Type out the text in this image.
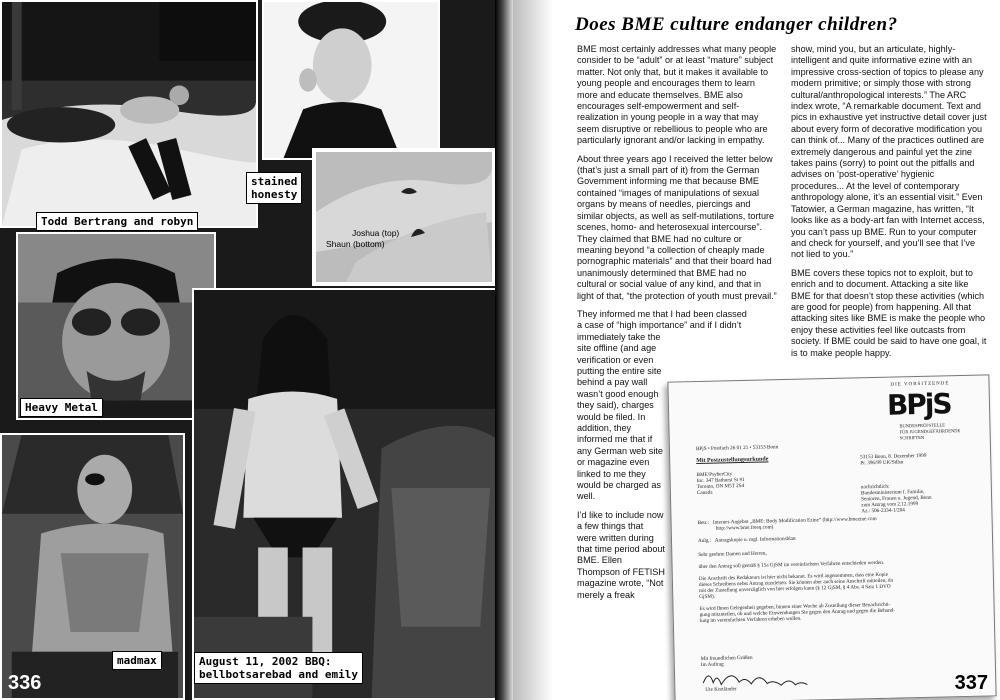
Joshua (top)
Shaun (bottom)
Todd Bertrang and robyn
stained
honesty
Heavy Metal
madmax	August 11, 2002 BBQ:
bellbotsarebad and emily
336
Does BME culture endanger children?

BME most certainly addresses what many people consider to be “adult” or at least “mature” subject matter. Not only that, but it makes it available to young people and encourages them to learn more and educate themselves. BME also encourages self-empowerment and self-realization in young people in a way that may seem disruptive or rebellious to people who are particularly ignorant and/or lacking in empathy.

About three years ago I received the letter below (that’s just a small part of it) from the German Government informing me that because BME contained “images of manipulations of sexual organs by means of needles, piercings and similar objects, as well as self-mutilations, torture scenes, homo- and heterosexual intercourse”. They claimed that BME had no culture or meaning beyond “a collection of cheaply made pornographic materials” and that their board had unanimously determined that BME had no cultural or social value of any kind, and that in light of that, “the protection of youth must prevail.”

They informed me that I had been classed a case of “high importance” and if I didn’t

immediately take the site offline (and age verification or even putting the entire site behind a pay wall wasn’t good enough they said), charges would be filed. In addition, they informed me that if any German web site or magazine even linked to me they would be charged as well.

I’d like to include now a few things that were written during that time period about BME. Ellen Thompson of FETISH magazine wrote, “Not merely a freak

show, mind you, but an articulate, highly-intelligent and quite informative ezine with an impressive cross-section of topics to please any modern primitive; or simply those with strong cultural/anthropological interests.” The ARC index wrote, “A remarkable document. Text and pics in exhaustive yet instructive detail cover just about every form of decorative modification you can think of... Many of the practices outlined are extremely dangerous and painful yet the zine takes pains (sorry) to point out the pitfalls and advises on ‘post-operative’ hygienic procedures... At the level of contemporary anthropology alone, it’s an essential visit.” Even Tatowier, a German magazine, has written, “It looks like as a body-art fan with Internet access, you can’t pass up BME. Run to your computer and check for yourself, and you’ll see that I’ve not lied to you.”

BME covers these topics not to exploit, but to enrich and to document. Attacking a site like BME for that doesn’t stop these activities (which are good for people) from happening. All that attacking sites like BME is make the people who enjoy these activities feel like outcasts from society. If BME could be said to have one goal, it is to make people happy.

DIE VORSITZENDE
BPjS
BUNDESPRÜFSTELLE
FÜR JUGENDGEFÄHRDENDE
SCHRIFTEN
BPjS • Postfach 26 01 21 • 53153 Bonn
Mit Postzustellungsurkunde
BME/PsyberCity
Inc. 347 Bathurst St #1
Toronto, ON M5T 2S4
Canada
53153 Bonn, 8. Dezember 1999
Pr. 396/99 UK/Sdlsn
nachrichtlich:
Bundesministerium f. Familie,
Senioren, Frauen u. Jugend, Bonn
zum Antrag vom 2.12.1999
Az.: 506-2334-1/204
Betr.:   Internet-Angebot „BME: Body Modification Ezine“ (http://www.bmezine.com
http://www.bme.freeq.com)
Anlg.:   Antragskopie u. mgl. Informationsblatt
Sehr geehrte Damen und Herren,
über den Antrag soll gemäß § 15a GjSM im vereinfachten Verfahren entschieden werden.

Die Anschrift des Redakteurs ist hier nicht bekannt. Es wird angenommen, dass eine Kopie
dieses Schreibens nebst Antrag zuzuleiten. Sie können aber auch seine Anschrift mitteilen, da
mit der Zustellung unverzüglich von hier erfolgen kann (§ 12 GjSM, § 4 Abs. 4 Satz 1 DVO
GjSM).

Es wird Ihnen Gelegenheit gegeben, binnen einer Woche ab Zustellung dieser Benachrichti-
gung mitzuteilen, ob und welche Einwendungen Sie gegen den Antrag und gegen die Behand-
lung im vereinfachten Verfahren erheben wollen.
Mit freundlichen Grüßen
Im Auftrag
Ute Kortländer	337
